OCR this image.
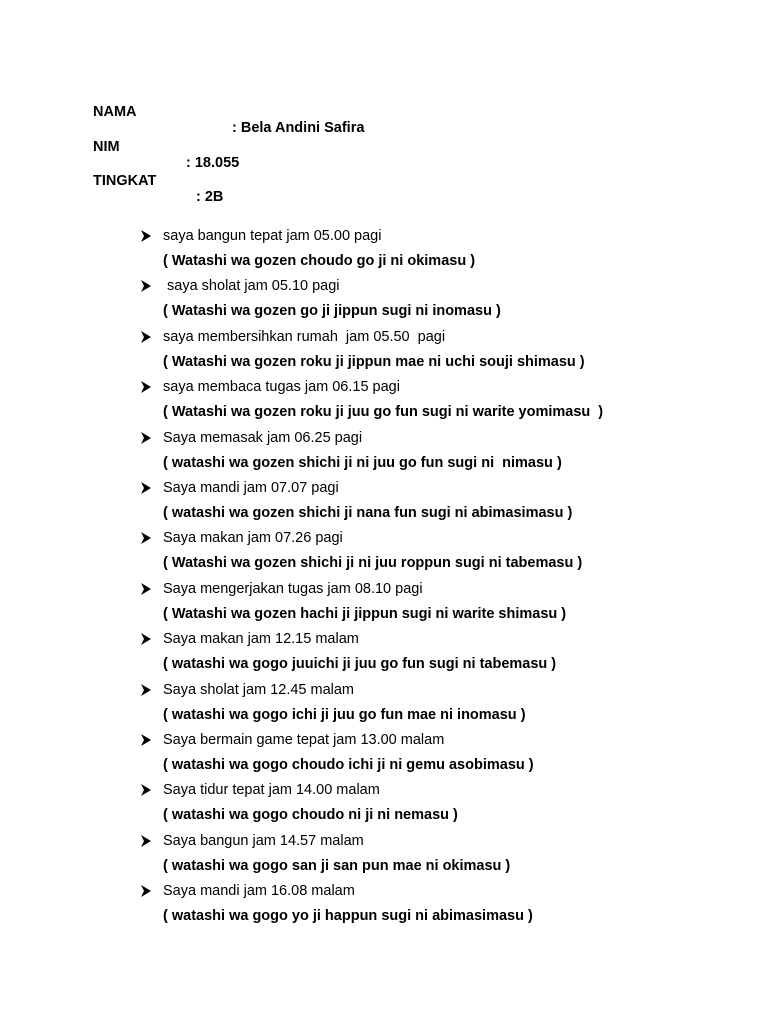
NAMA

: Bela Andini Safira

NIM

: 18.055

TINGKAT

: 2B

saya bangun tepat jam 05.00 pagi
( Watashi wa gozen choudo go ji ni okimasu )
saya sholat jam 05.10 pagi
( Watashi wa gozen go ji jippun sugi ni inomasu )
saya membersihkan rumah  jam 05.50  pagi
( Watashi wa gozen roku ji jippun mae ni uchi souji shimasu )
saya membaca tugas jam 06.15 pagi
( Watashi wa gozen roku ji juu go fun sugi ni warite yomimasu  )
Saya memasak jam 06.25 pagi
( watashi wa gozen shichi ji ni juu go fun sugi ni  nimasu )
Saya mandi jam 07.07 pagi
( watashi wa gozen shichi ji nana fun sugi ni abimasimasu )
Saya makan jam 07.26 pagi
( Watashi wa gozen shichi ji ni juu roppun sugi ni tabemasu )
Saya mengerjakan tugas jam 08.10 pagi
( Watashi wa gozen hachi ji jippun sugi ni warite shimasu )
Saya makan jam 12.15 malam
( watashi wa gogo juuichi ji juu go fun sugi ni tabemasu )
Saya sholat jam 12.45 malam
( watashi wa gogo ichi ji juu go fun mae ni inomasu )
Saya bermain game tepat jam 13.00 malam
( watashi wa gogo choudo ichi ji ni gemu asobimasu )
Saya tidur tepat jam 14.00 malam
( watashi wa gogo choudo ni ji ni nemasu )
Saya bangun jam 14.57 malam
( watashi wa gogo san ji san pun mae ni okimasu )
Saya mandi jam 16.08 malam
( watashi wa gogo yo ji happun sugi ni abimasimasu )
